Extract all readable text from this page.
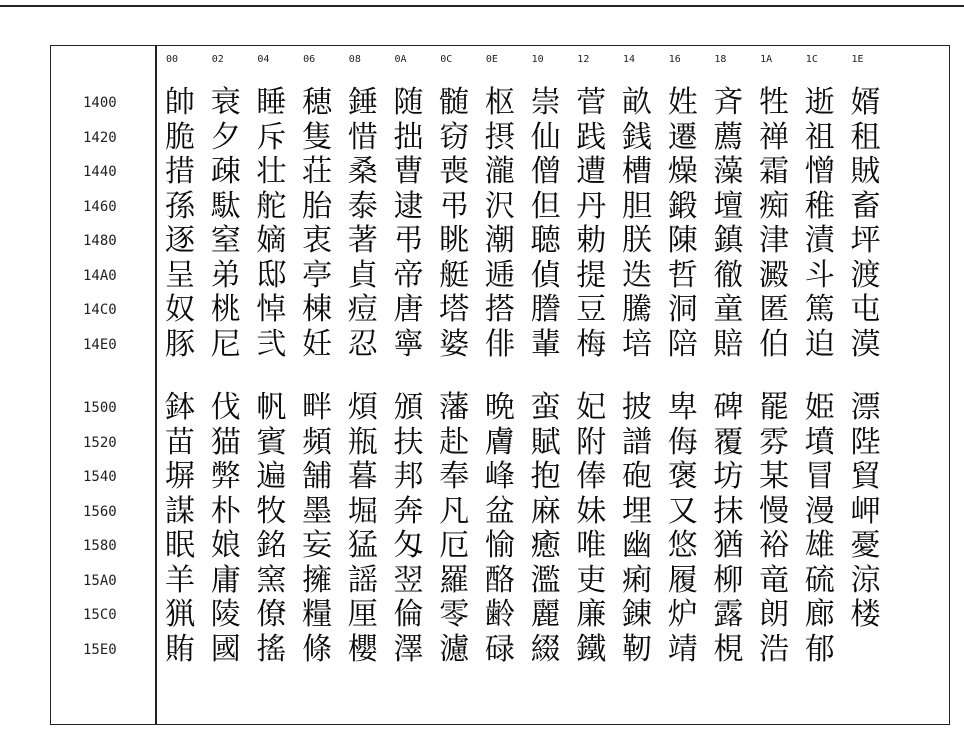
00	02	04	06	08	0A	0C	0E	10	12	14	16	18	1A	1C	1E
1400	帥 衰 睡 穂 錘 随 髄 枢 崇 菅 畝 姓 斉 牲 逝 婿
1420	脆 夕 斥 隻 惜 拙 窃 摂 仙 践 銭 遷 薦 禅 祖 租
1440	措 疎 壮 荘 桑 曹 喪 瀧 僧 遭 槽 燥 藻 霜 憎 賊
1460	孫 駄 舵 胎 泰 逮 弔 沢 但 丹 胆 鍛 壇 痴 稚 畜
1480	逐 窒 嫡 衷 著 弔 眺 潮 聴 勅 朕 陳 鎮 津 漬 坪
14A0	呈 弟 邸 亭 貞 帝 艇 逓 偵 提 迭 哲 徹 澱 斗 渡
14C0	奴 桃 悼 棟 痘 唐 塔 搭 謄 豆 騰 洞 童 匿 篤 屯
14E0	豚 尼 弐 妊 忍 寧 婆 俳 輩 梅 培 陪 賠 伯 迫 漠
1500	鉢 伐 帆 畔 煩 頒 藩 晩 蛮 妃 披 卑 碑 罷 姫 漂
1520	苗 猫 賓 頻 瓶 扶 赴 膚 賦 附 譜 侮 覆 雰 墳 陛
1540	塀 弊 遍 舗 暮 邦 奉 峰 抱 俸 砲 褒 坊 某 冒 貿
1560	謀 朴 牧 墨 堀 奔 凡 盆 麻 妹 埋 又 抹 慢 漫 岬
1580	眠 娘 銘 妄 猛 匁 厄 愉 癒 唯 幽 悠 猶 裕 雄 憂
15A0	羊 庸 窯 擁 謡 翌 羅 酪 濫 吏 痢 履 柳 竜 硫 涼
15C0	猟 陵 僚 糧 厘 倫 零 齢 麗 廉 錬 炉 露 朗 廊 楼
15E0	賄 國 搖 條 櫻 澤 濾 碌 綴 鐵 靭 靖 梘 浩 郁
